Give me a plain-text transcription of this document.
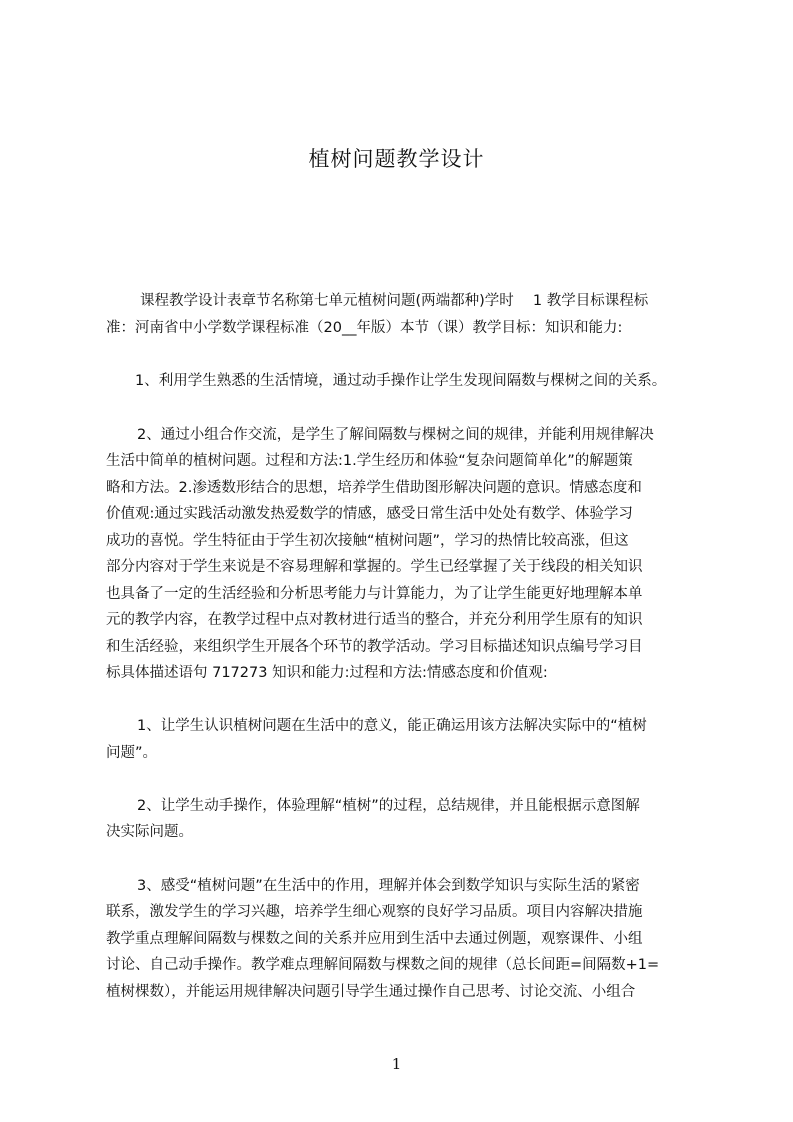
植树问题教学设计
课程教学设计表章节名称第七单元植树问题(两端都种)学时　 1 教学目标课程标
准：河南省中小学数学课程标准（20__年版）本节（课）教学目标：知识和能力:
1、利用学生熟悉的生活情境，通过动手操作让学生发现间隔数与棵树之间的关系。
2、通过小组合作交流，是学生了解间隔数与棵树之间的规律，并能利用规律解决
生活中简单的植树问题。过程和方法:1.学生经历和体验“复杂问题简单化”的解题策
略和方法。2.渗透数形结合的思想，培养学生借助图形解决问题的意识。情感态度和
价值观:通过实践活动激发热爱数学的情感，感受日常生活中处处有数学、体验学习
成功的喜悦。学生特征由于学生初次接触“植树问题”，学习的热情比较高涨，但这
部分内容对于学生来说是不容易理解和掌握的。学生已经掌握了关于线段的相关知识
也具备了一定的生活经验和分析思考能力与计算能力，为了让学生能更好地理解本单
元的教学内容，在教学过程中点对教材进行适当的整合，并充分利用学生原有的知识
和生活经验，来组织学生开展各个环节的教学活动。学习目标描述知识点编号学习目
标具体描述语句 717273 知识和能力:过程和方法:情感态度和价值观:
1、让学生认识植树问题在生活中的意义，能正确运用该方法解决实际中的“植树
问题”。
2、让学生动手操作，体验理解“植树”的过程，总结规律，并且能根据示意图解
决实际问题。
3、感受“植树问题”在生活中的作用，理解并体会到数学知识与实际生活的紧密
联系，激发学生的学习兴趣，培养学生细心观察的良好学习品质。项目内容解决措施
教学重点理解间隔数与棵数之间的关系并应用到生活中去通过例题，观察课件、小组
讨论、自己动手操作。教学难点理解间隔数与棵数之间的规律（总长间距=间隔数+1=
植树棵数），并能运用规律解决问题引导学生通过操作自己思考、讨论交流、小组合
1
